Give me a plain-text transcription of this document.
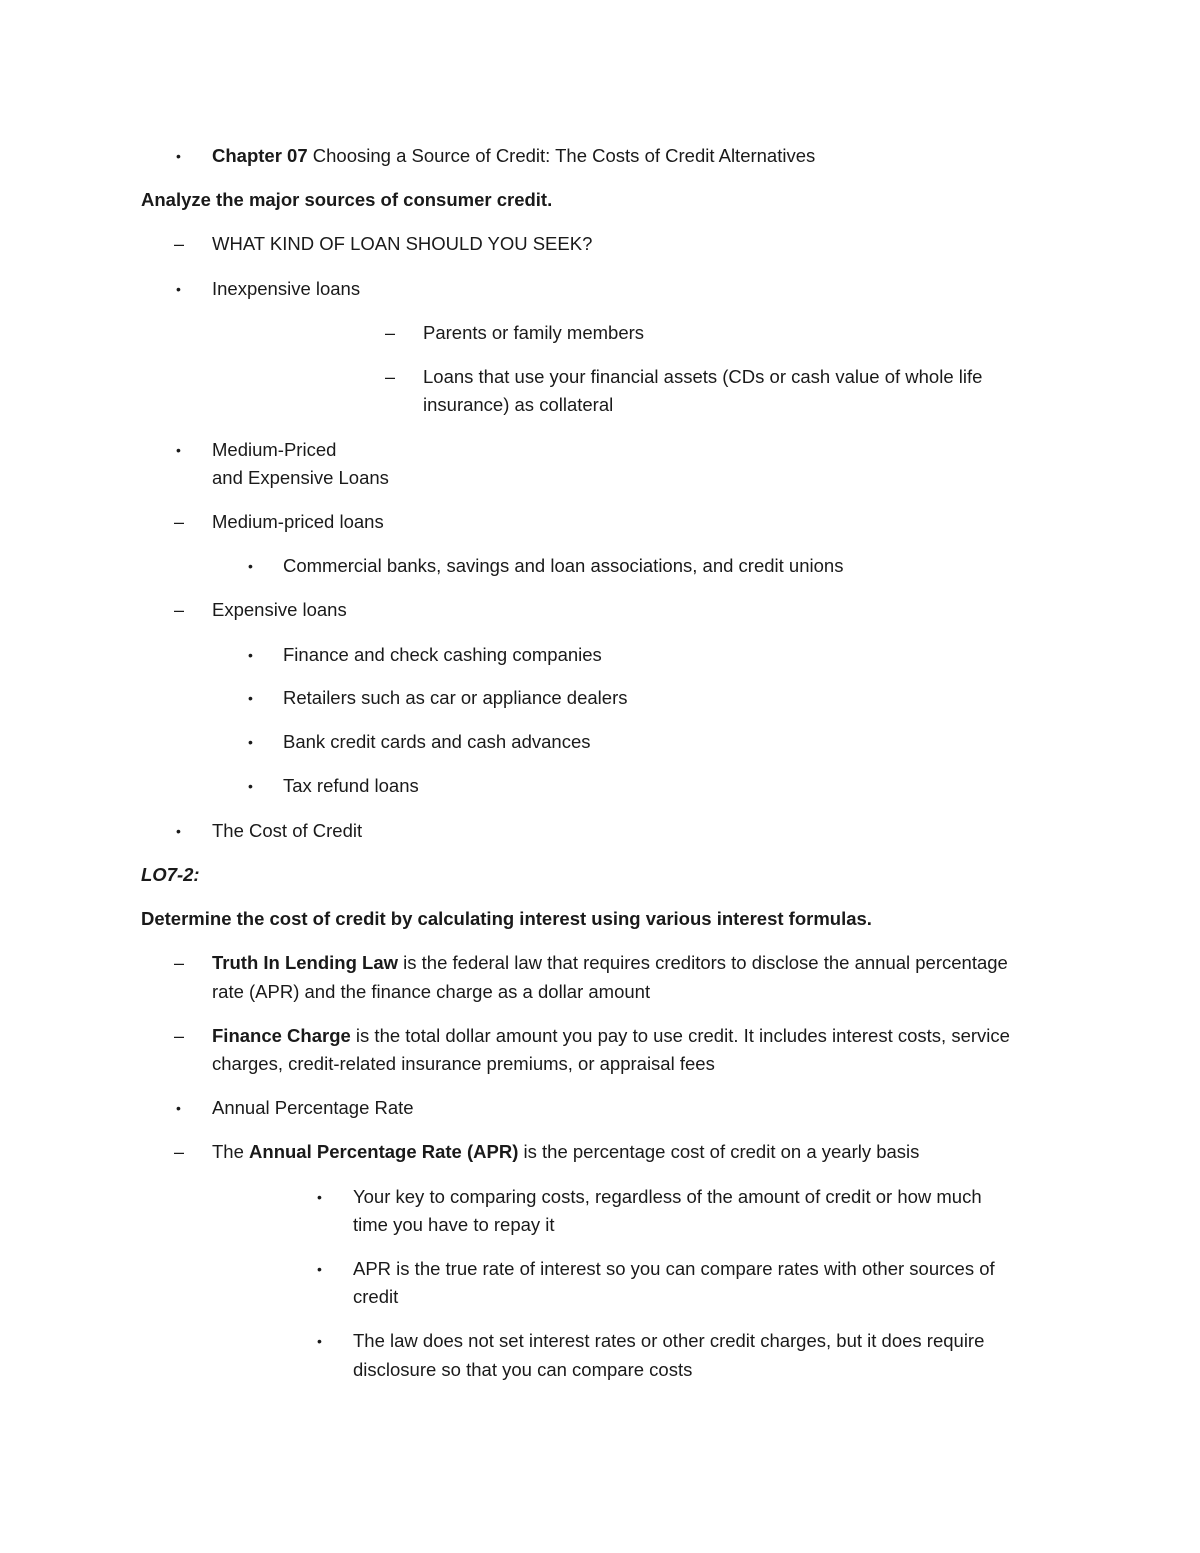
• Chapter 07 Choosing a Source of Credit: The Costs of Credit Alternatives
Analyze the major sources of consumer credit.
– WHAT KIND OF LOAN SHOULD YOU SEEK?
• Inexpensive loans
– Parents or family members
– Loans that use your financial assets (CDs or cash value of whole life
insurance) as collateral
• Medium-Priced
and Expensive Loans
– Medium-priced loans
• Commercial banks, savings and loan associations, and credit unions
– Expensive loans
• Finance and check cashing companies
• Retailers such as car or appliance dealers
• Bank credit cards and cash advances
• Tax refund loans
• The Cost of Credit
LO7-2:
Determine the cost of credit by calculating interest using various interest formulas.
– Truth In Lending Law is the federal law that requires creditors to disclose the annual percentage
rate (APR) and the finance charge as a dollar amount
– Finance Charge is the total dollar amount you pay to use credit. It includes interest costs, service
charges, credit-related insurance premiums, or appraisal fees
• Annual Percentage Rate
– The Annual Percentage Rate (APR) is the percentage cost of credit on a yearly basis
• Your key to comparing costs, regardless of the amount of credit or how much
time you have to repay it
• APR is the true rate of interest so you can compare rates with other sources of
credit
• The law does not set interest rates or other credit charges, but it does require
disclosure so that you can compare costs
